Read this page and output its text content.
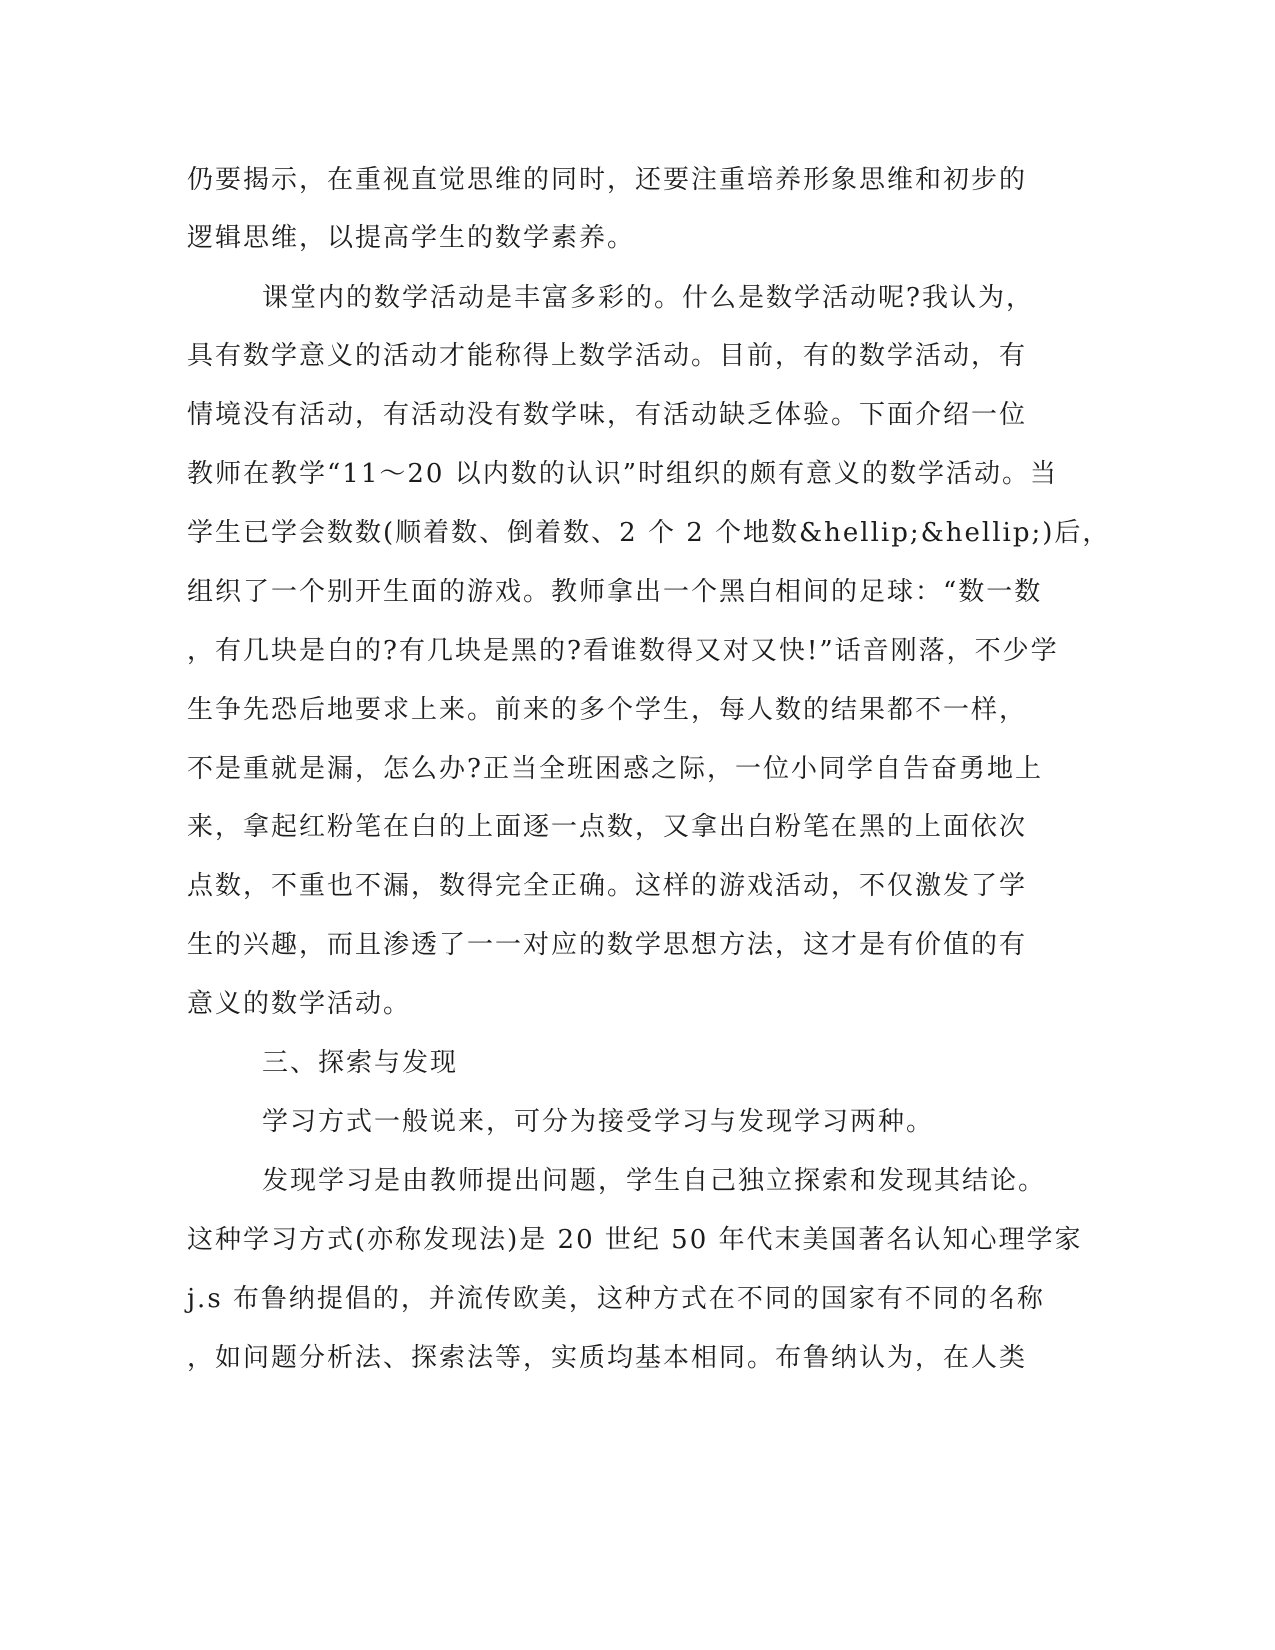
仍要揭示，在重视直觉思维的同时，还要注重培养形象思维和初步的
逻辑思维，以提高学生的数学素养。
课堂内的数学活动是丰富多彩的。什么是数学活动呢?我认为，
具有数学意义的活动才能称得上数学活动。目前，有的数学活动，有
情境没有活动，有活动没有数学味，有活动缺乏体验。下面介绍一位
教师在教学“11～20 以内数的认识”时组织的颇有意义的数学活动。当
学生已学会数数(顺着数、倒着数、2 个 2 个地数&hellip;&hellip;)后，
组织了一个别开生面的游戏。教师拿出一个黑白相间的足球：“数一数
，有几块是白的?有几块是黑的?看谁数得又对又快!”话音刚落，不少学
生争先恐后地要求上来。前来的多个学生，每人数的结果都不一样，
不是重就是漏，怎么办?正当全班困惑之际，一位小同学自告奋勇地上
来，拿起红粉笔在白的上面逐一点数，又拿出白粉笔在黑的上面依次
点数，不重也不漏，数得完全正确。这样的游戏活动，不仅激发了学
生的兴趣，而且渗透了一一对应的数学思想方法，这才是有价值的有
意义的数学活动。
三、探索与发现
学习方式一般说来，可分为接受学习与发现学习两种。
发现学习是由教师提出问题，学生自己独立探索和发现其结论。
这种学习方式(亦称发现法)是 20 世纪 50 年代末美国著名认知心理学家
j.s 布鲁纳提倡的，并流传欧美，这种方式在不同的国家有不同的名称
，如问题分析法、探索法等，实质均基本相同。布鲁纳认为，在人类
